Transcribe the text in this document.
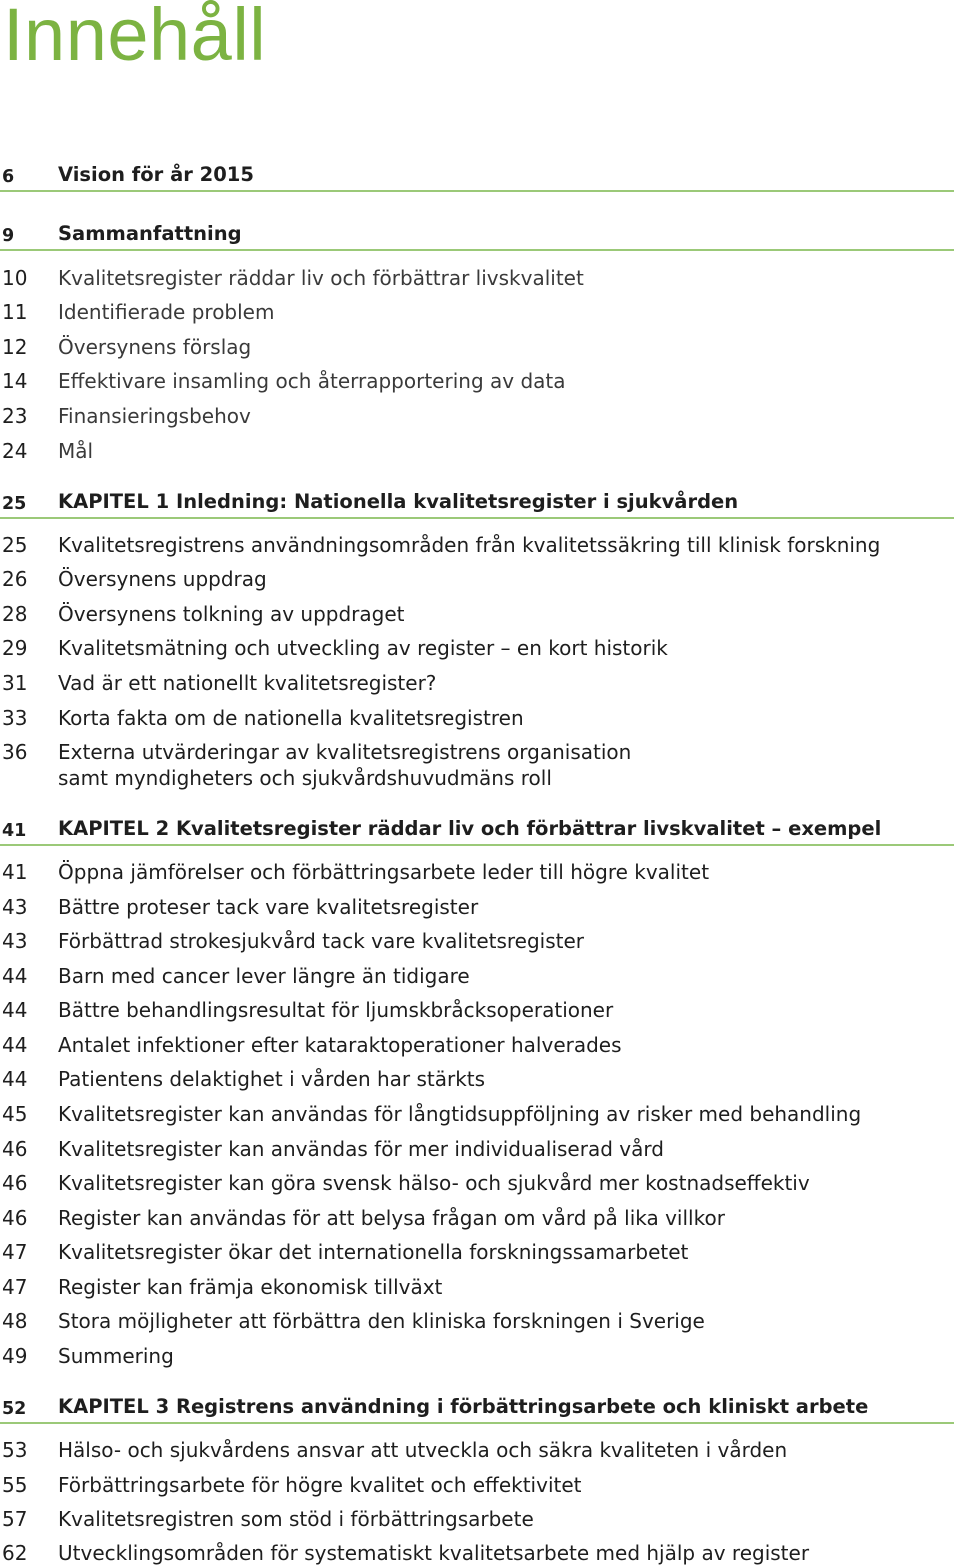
Innehåll
6 Vision för år 2015
9 Sammanfattning
10 Kvalitetsregister räddar liv och förbättrar livskvalitet
11 Identifierade problem
12 Översynens förslag
14 Effektivare insamling och återrapportering av data
23 Finansieringsbehov
24 Mål
25 KAPITEL 1 Inledning: Nationella kvalitetsregister i sjukvården
25 Kvalitetsregistrens användningsområden från kvalitetssäkring till klinisk forskning
26 Översynens uppdrag
28 Översynens tolkning av uppdraget
29 Kvalitetsmätning och utveckling av register – en kort historik
31 Vad är ett nationellt kvalitetsregister?
33 Korta fakta om de nationella kvalitetsregistren
36 Externa utvärderingar av kvalitetsregistrens organisation
samt myndigheters och sjukvårdshuvudmäns roll
41 KAPITEL 2 Kvalitetsregister räddar liv och förbättrar livskvalitet – exempel
41 Öppna jämförelser och förbättringsarbete leder till högre kvalitet
43 Bättre proteser tack vare kvalitetsregister
43 Förbättrad strokesjukvård tack vare kvalitetsregister
44 Barn med cancer lever längre än tidigare
44 Bättre behandlingsresultat för ljumskbråcksoperationer
44 Antalet infektioner efter kataraktoperationer halverades
44 Patientens delaktighet i vården har stärkts
45 Kvalitetsregister kan användas för långtidsuppföljning av risker med behandling
46 Kvalitetsregister kan användas för mer individualiserad vård
46 Kvalitetsregister kan göra svensk hälso- och sjukvård mer kostnadseffektiv
46 Register kan användas för att belysa frågan om vård på lika villkor
47 Kvalitetsregister ökar det internationella forskningssamarbetet
47 Register kan främja ekonomisk tillväxt
48 Stora möjligheter att förbättra den kliniska forskningen i Sverige
49 Summering
52 KAPITEL 3 Registrens användning i förbättringsarbete och kliniskt arbete
53 Hälso- och sjukvårdens ansvar att utveckla och säkra kvaliteten i vården
55 Förbättringsarbete för högre kvalitet och effektivitet
57 Kvalitetsregistren som stöd i förbättringsarbete
62 Utvecklingsområden för systematiskt kvalitetsarbete med hjälp av register
